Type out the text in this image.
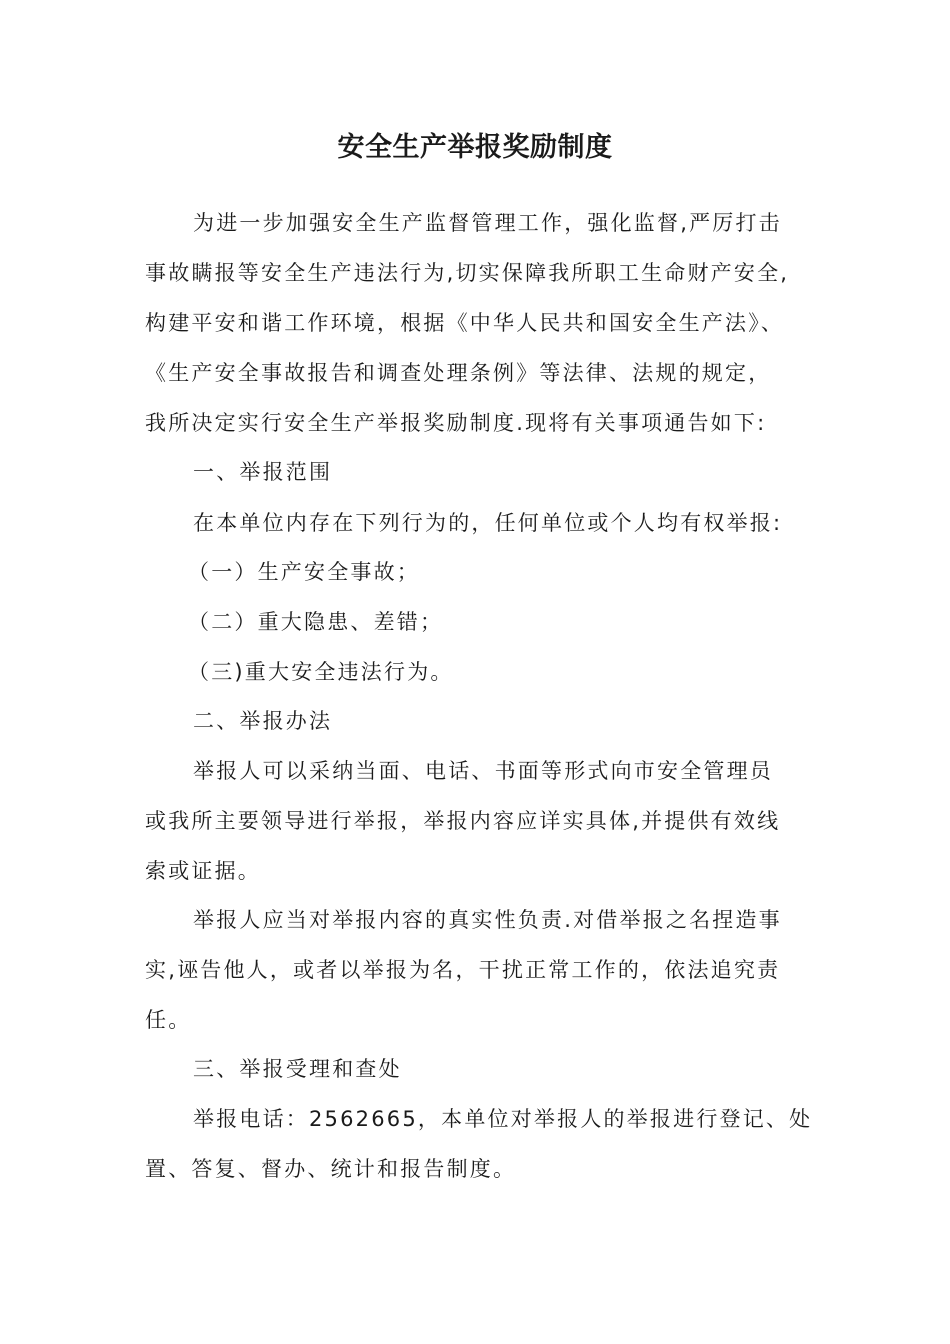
安全生产举报奖励制度
为进一步加强安全生产监督管理工作，强化监督,严厉打击
事故瞒报等安全生产违法行为,切实保障我所职工生命财产安全,
构建平安和谐工作环境，根据《中华人民共和国安全生产法》、
《生产安全事故报告和调查处理条例》等法律、法规的规定，
我所决定实行安全生产举报奖励制度.现将有关事项通告如下:
一、举报范围
在本单位内存在下列行为的，任何单位或个人均有权举报:
（一）生产安全事故；
（二）重大隐患、差错；
（三)重大安全违法行为。
二、举报办法
举报人可以采纳当面、电话、书面等形式向市安全管理员
或我所主要领导进行举报，举报内容应详实具体,并提供有效线
索或证据。
举报人应当对举报内容的真实性负责.对借举报之名捏造事
实,诬告他人，或者以举报为名，干扰正常工作的，依法追究责
任。
三、举报受理和查处
举报电话：2562665，本单位对举报人的举报进行登记、处
置、答复、督办、统计和报告制度。
